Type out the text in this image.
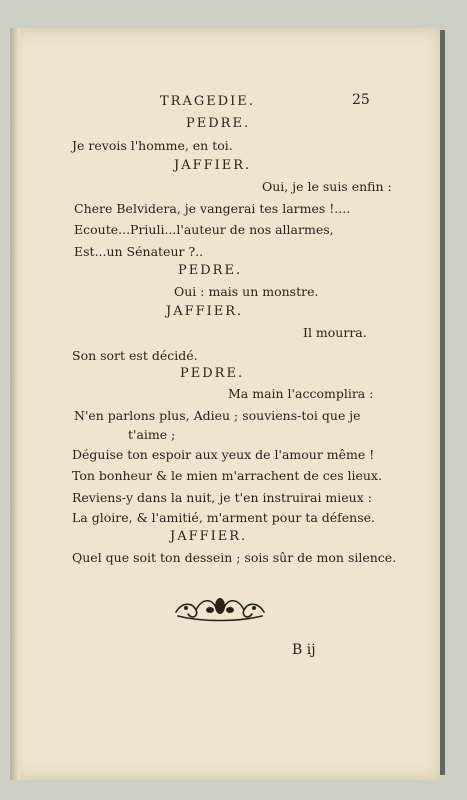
TRAGEDIE.	25
PEDRE.
Je revois l'homme, en toi.
JAFFIER.
Oui, je le suis enfin :
Chere Belvidera, je vangerai tes larmes !....
Ecoute...Priuli...l'auteur de nos allarmes,
Est...un Sénateur ?..
PEDRE.
Oui : mais un monstre.
JAFFIER.
Il mourra.
Son sort est décidé.
PEDRE.
Ma main l'accomplira :
N'en parlons plus, Adieu ; souviens-toi que je
t'aime ;
Déguise ton espoir aux yeux de l'amour même !
Ton bonheur & le mien m'arrachent de ces lieux.
Reviens-y dans la nuit, je t'en instruirai mieux :
La gloire, & l'amitié, m'arment pour ta défense.
JAFFIER.
Quel que soit ton dessein ; sois sûr de mon silence.
B ij
